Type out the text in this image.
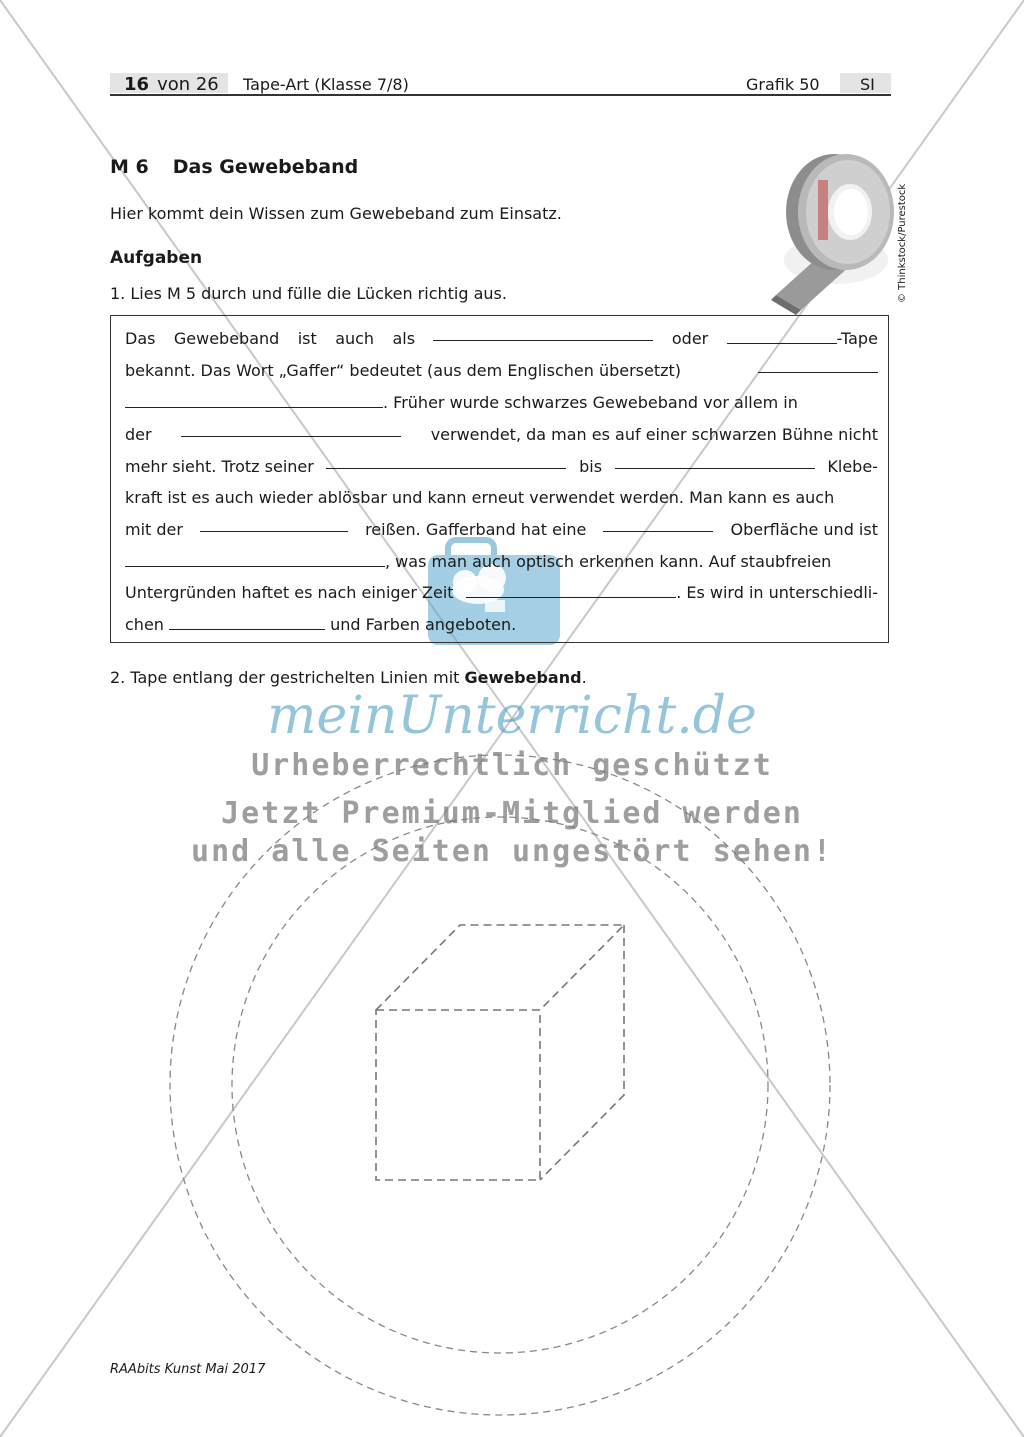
16 von 26 Tape-Art (Klasse 7/8)	Grafik 50	SI
M 6 Das Gewebeband
Hier kommt dein Wissen zum Gewebeband zum Einsatz.
Aufgaben
1. Lies M 5 durch und fülle die Lücken richtig aus.	© Thinkstock/Purestock
Das Gewebeband ist auch als	oder	-Tape
bekannt. Das Wort „Gaffer“ bedeutet (aus dem Englischen übersetzt)
. Früher wurde schwarzes Gewebeband vor allem in
der	verwendet, da man es auf einer schwarzen Bühne nicht
mehr sieht. Trotz seiner	bis	Klebe-
kraft ist es auch wieder ablösbar und kann erneut verwendet werden. Man kann es auch
mit der	reißen. Gafferband hat eine	Oberfläche und ist
, was man auch optisch erkennen kann. Auf staubfreien
Untergründen haftet es nach einiger Zeit	. Es wird in unterschiedli-
chen	und Farben angeboten.
2. Tape entlang der gestrichelten Linien mit Gewebeband.
meinUnterricht.de
Urheberrechtlich geschützt
Jetzt Premium-Mitglied werden
und alle Seiten ungestört sehen!
RAAbits Kunst Mai 2017
